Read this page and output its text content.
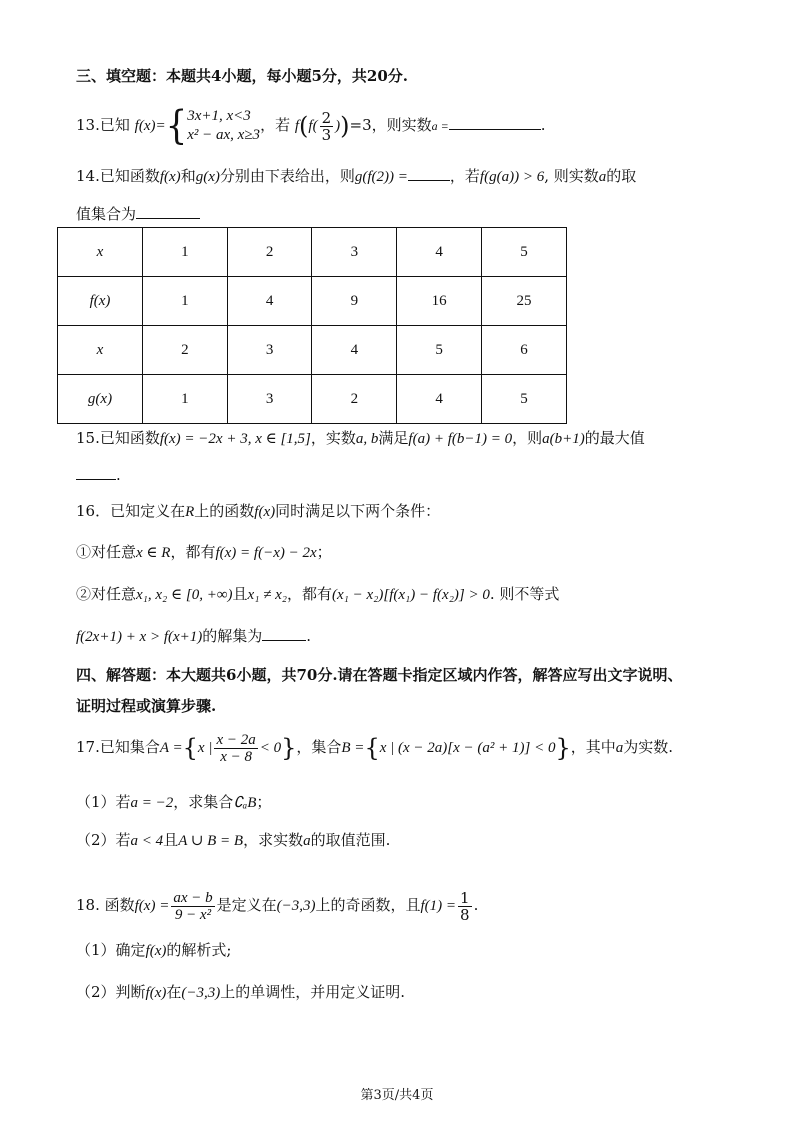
三、填空题：本题共4小题，每小题5分，共20分.
13.已知 f(x)={ 3x+1, x<3
x² − ax, x≥3
，若 $f(f( \frac{2}{3} ))=3$，则实数a =	.
14.已知函数f(x)和g(x)分别由下表给出，则g(f(2)) =	，若f(g(a)) > 6, 则实数a的取
值集合为
x	1	2	3	4	5
f(x)	1	4	9	16	25
x	2	3	4	5	6
g(x)	1	3	2	4	5
15.已知函数f(x) = −2x + 3, x ∈ [1,5]，实数a, b满足f(a) + f(b−1) = 0，则a(b+1)的最大值
.
16．已知定义在R上的函数f(x)同时满足以下两个条件：
①对任意x ∈ R，都有f(x) = f(−x) − 2x；
②对任意x₁, x₂ ∈ [0, +∞)且x₁ ≠ x₂，都有(x₁ − x₂)[f(x₁) − f(x₂)] > 0. 则不等式
f(2x+1) + x > f(x+1)的解集为	.
四、解答题：本大题共6小题，共70分.请在答题卡指定区域内作答，解答应写出文字说明、
证明过程或演算步骤.
17.已知集合A ={x | $\frac{x - 2a}{x - 8} < 0$}，集合B ={x | (x − 2a)[x − (a² + 1)] < 0}，其中a为实数.
（1）若a = −2，求集合∁ₐB；
（2）若a < 4且A ∪ B = B，求实数a的取值范围.
18. 函数$f(x) = \frac{ax - b}{\text{9 − x²}}$ 是定义在(−3,3)上的奇函数，且$f(1) = \frac{1}{8}$ .
（1）确定f(x)的解析式;
（2）判断f(x)在(−3,3)上的单调性，并用定义证明.
第3页/共4页
